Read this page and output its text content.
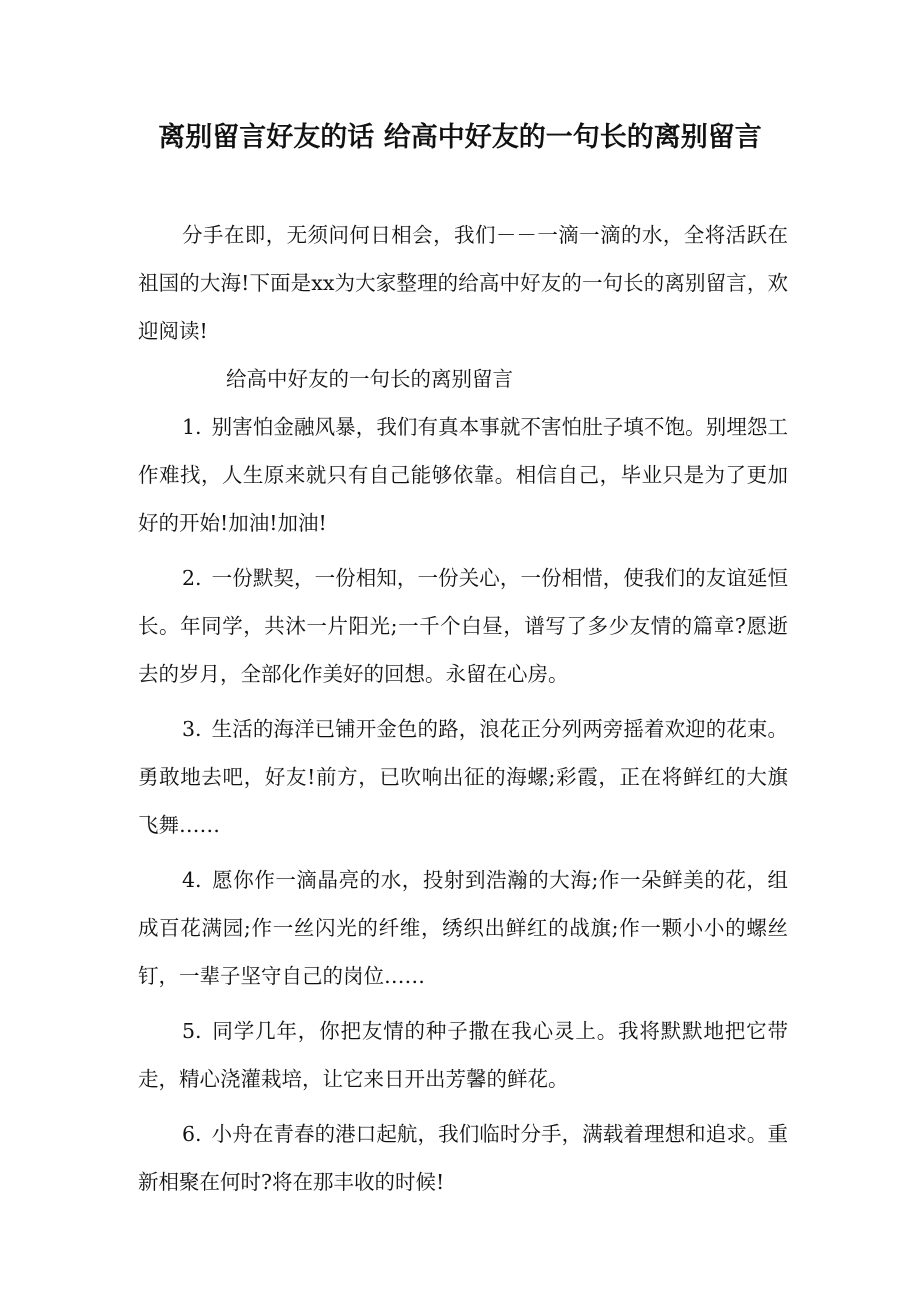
离别留言好友的话 给高中好友的一句长的离别留言

分手在即，无须问何日相会，我们－－一滴一滴的水，全将活跃在祖国的大海!下面是xx为大家整理的给高中好友的一句长的离别留言，欢迎阅读!

给高中好友的一句长的离别留言

1. 别害怕金融风暴，我们有真本事就不害怕肚子填不饱。别埋怨工作难找，人生原来就只有自己能够依靠。相信自己，毕业只是为了更加好的开始!加油!加油!

2. 一份默契，一份相知，一份关心，一份相惜，使我们的友谊延恒长。年同学，共沐一片阳光;一千个白昼，谱写了多少友情的篇章?愿逝去的岁月，全部化作美好的回想。永留在心房。

3. 生活的海洋已铺开金色的路，浪花正分列两旁摇着欢迎的花束。勇敢地去吧，好友!前方，已吹响出征的海螺;彩霞，正在将鲜红的大旗飞舞……

4. 愿你作一滴晶亮的水，投射到浩瀚的大海;作一朵鲜美的花，组成百花满园;作一丝闪光的纤维，绣织出鲜红的战旗;作一颗小小的螺丝钉，一辈子坚守自己的岗位……

5. 同学几年，你把友情的种子撒在我心灵上。我将默默地把它带走，精心浇灌栽培，让它来日开出芳馨的鲜花。

6. 小舟在青春的港口起航，我们临时分手，满载着理想和追求。重新相聚在何时?将在那丰收的时候!
